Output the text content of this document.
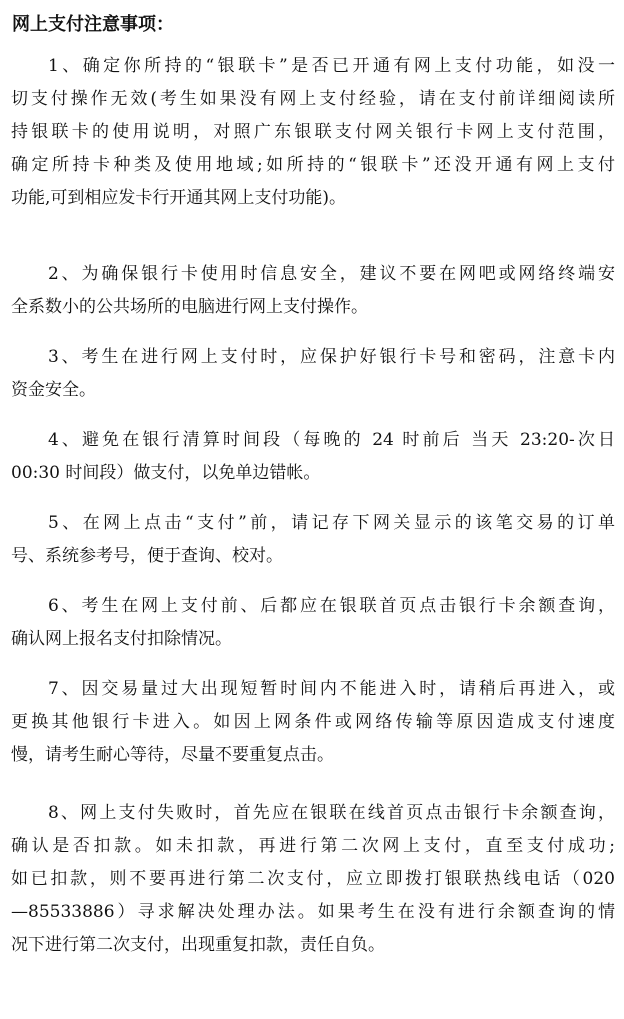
网上支付注意事项：
1、确定你所持的“银联卡”是否已开通有网上支付功能，如没一
切支付操作无效(考生如果没有网上支付经验，请在支付前详细阅读所
持银联卡的使用说明，对照广东银联支付网关银行卡网上支付范围，
确定所持卡种类及使用地域;如所持的“银联卡”还没开通有网上支付
功能,可到相应发卡行开通其网上支付功能)。
2、为确保银行卡使用时信息安全，建议不要在网吧或网络终端安
全系数小的公共场所的电脑进行网上支付操作。
3、考生在进行网上支付时，应保护好银行卡号和密码，注意卡内
资金安全。
4、避免在银行清算时间段（每晚的 24 时前后 当天 23:20-次日
00:30 时间段）做支付，以免单边错帐。
5、在网上点击“支付”前，请记存下网关显示的该笔交易的订单
号、系统参考号，便于查询、校对。
6、考生在网上支付前、后都应在银联首页点击银行卡余额查询，
确认网上报名支付扣除情况。
7、因交易量过大出现短暂时间内不能进入时，请稍后再进入，或
更换其他银行卡进入。如因上网条件或网络传输等原因造成支付速度
慢，请考生耐心等待，尽量不要重复点击。
8、网上支付失败时，首先应在银联在线首页点击银行卡余额查询，
确认是否扣款。如未扣款，再进行第二次网上支付，直至支付成功;
如已扣款，则不要再进行第二次支付，应立即拨打银联热线电话（020
—85533886）寻求解决处理办法。如果考生在没有进行余额查询的情
况下进行第二次支付，出现重复扣款，责任自负。
